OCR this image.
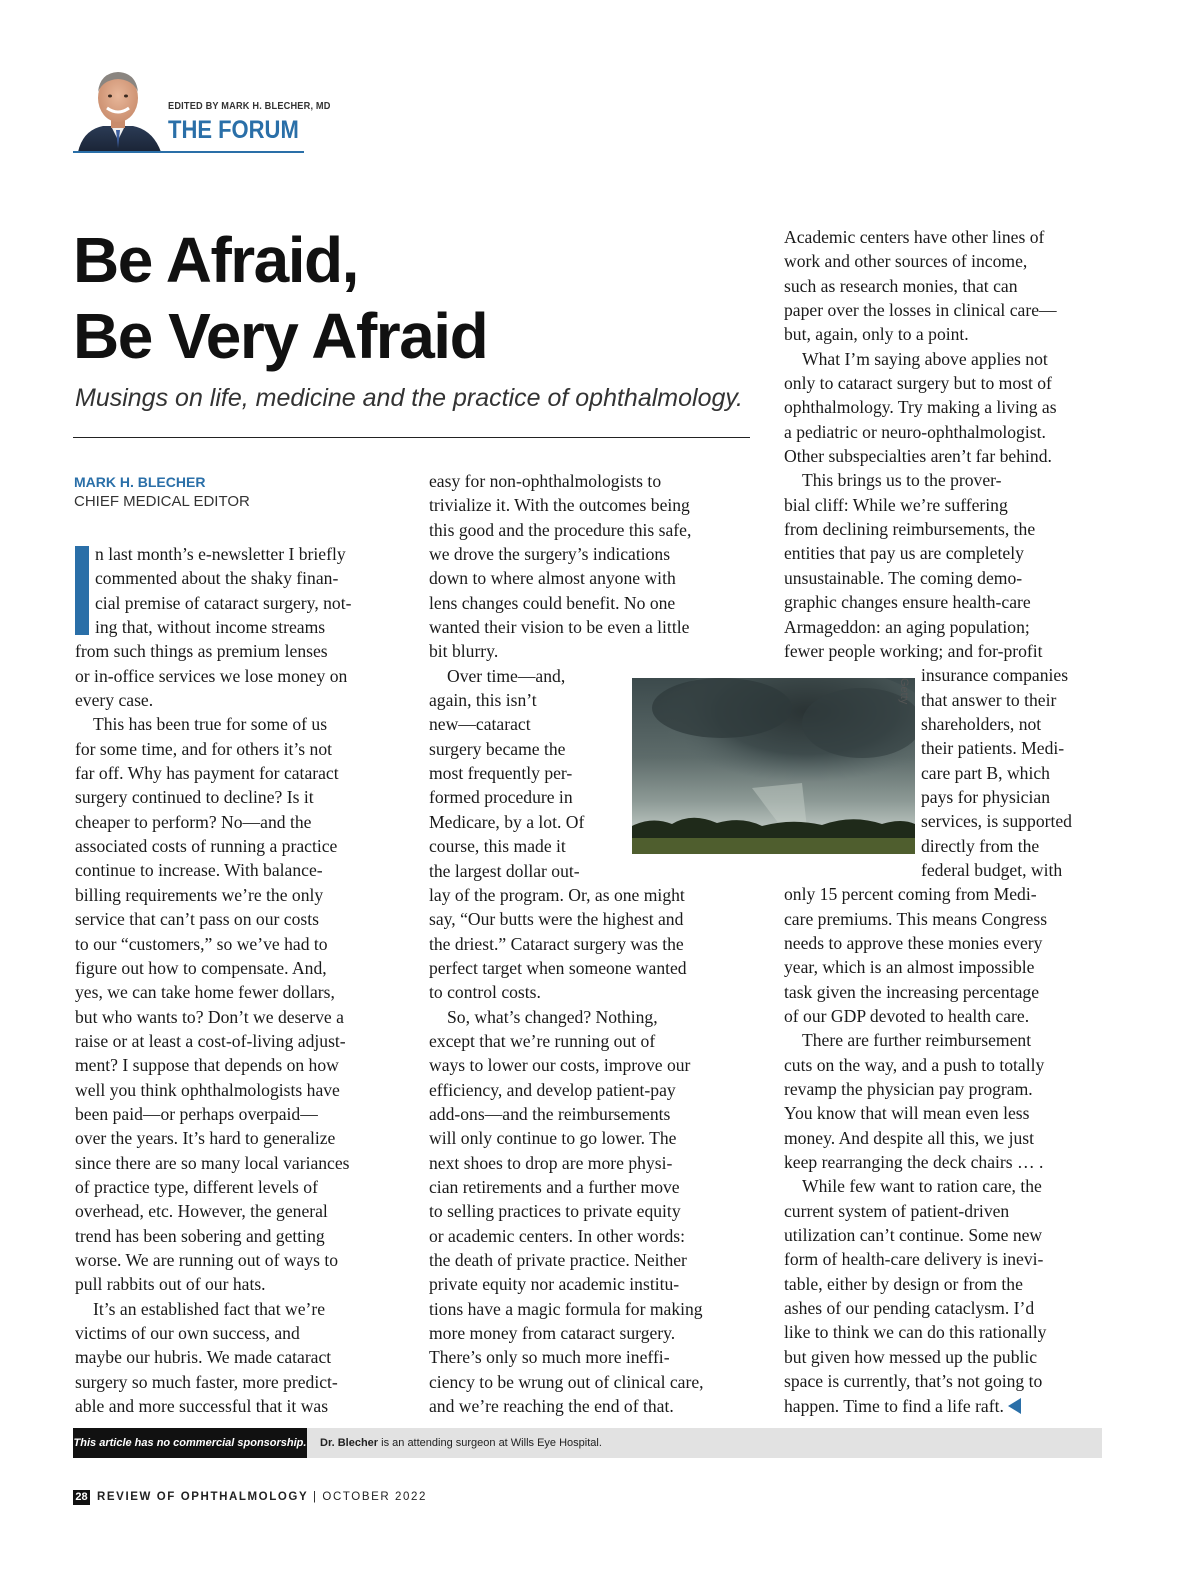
EDITED BY MARK H. BLECHER, MD
THE FORUM
Be Afraid,
Be Very Afraid
Musings on life, medicine and the practice of ophthalmology.
MARK H. BLECHER
CHIEF MEDICAL EDITOR
n last month’s e-newsletter I briefly
commented about the shaky finan-
cial premise of cataract surgery, not-
ing that, without income streams
from such things as premium lenses
or in-office services we lose money on
every case.
This has been true for some of us
for some time, and for others it’s not
far off. Why has payment for cataract
surgery continued to decline? Is it
cheaper to perform? No—and the
associated costs of running a practice
continue to increase. With balance-
billing requirements we’re the only
service that can’t pass on our costs
to our “customers,” so we’ve had to
figure out how to compensate. And,
yes, we can take home fewer dollars,
but who wants to? Don’t we deserve a
raise or at least a cost-of-living adjust-
ment? I suppose that depends on how
well you think ophthalmologists have
been paid—or perhaps overpaid—
over the years. It’s hard to generalize
since there are so many local variances
of practice type, different levels of
overhead, etc. However, the general
trend has been sobering and getting
worse. We are running out of ways to
pull rabbits out of our hats.
It’s an established fact that we’re
victims of our own success, and
maybe our hubris. We made cataract
surgery so much faster, more predict-
able and more successful that it was
easy for non-ophthalmologists to
trivialize it. With the outcomes being
this good and the procedure this safe,
we drove the surgery’s indications
down to where almost anyone with
lens changes could benefit. No one
wanted their vision to be even a little
bit blurry.
Over time—and,
again, this isn’t
new—cataract
surgery became the
most frequently per-
formed procedure in
Medicare, by a lot. Of
course, this made it
the largest dollar out-
lay of the program. Or, as one might
say, “Our butts were the highest and
the driest.” Cataract surgery was the
perfect target when someone wanted
to control costs.
So, what’s changed? Nothing,
except that we’re running out of
ways to lower our costs, improve our
efficiency, and develop patient-pay
add-ons—and the reimbursements
will only continue to go lower. The
next shoes to drop are more physi-
cian retirements and a further move
to selling practices to private equity
or academic centers. In other words:
the death of private practice. Neither
private equity nor academic institu-
tions have a magic formula for making
more money from cataract surgery.
There’s only so much more ineffi-
ciency to be wrung out of clinical care,
and we’re reaching the end of that.
Academic centers have other lines of
work and other sources of income,
such as research monies, that can
paper over the losses in clinical care—
but, again, only to a point.
What I’m saying above applies not
only to cataract surgery but to most of
ophthalmology. Try making a living as
a pediatric or neuro-ophthalmologist.
Other subspecialties aren’t far behind.
This brings us to the prover-
bial cliff: While we’re suffering
from declining reimbursements, the
entities that pay us are completely
unsustainable. The coming demo-
graphic changes ensure health-care
Armageddon: an aging population;
fewer people working; and for-profit
insurance companies
that answer to their
shareholders, not
their patients. Medi-
care part B, which
pays for physician
services, is supported
directly from the
federal budget, with
only 15 percent coming from Medi-
care premiums. This means Congress
needs to approve these monies every
year, which is an almost impossible
task given the increasing percentage
of our GDP devoted to health care.
There are further reimbursement
cuts on the way, and a push to totally
revamp the physician pay program.
You know that will mean even less
money. And despite all this, we just
keep rearranging the deck chairs … .
While few want to ration care, the
current system of patient-driven
utilization can’t continue. Some new
form of health-care delivery is inevi-
table, either by design or from the
ashes of our pending cataclysm. I’d
like to think we can do this rationally
but given how messed up the public
space is currently, that’s not going to
happen. Time to find a life raft.
Getty
This article has no commercial sponsorship. Dr. Blecher is an attending surgeon at Wills Eye Hospital.
28 REVIEW OF OPHTHALMOLOGY | OCTOBER 2022
